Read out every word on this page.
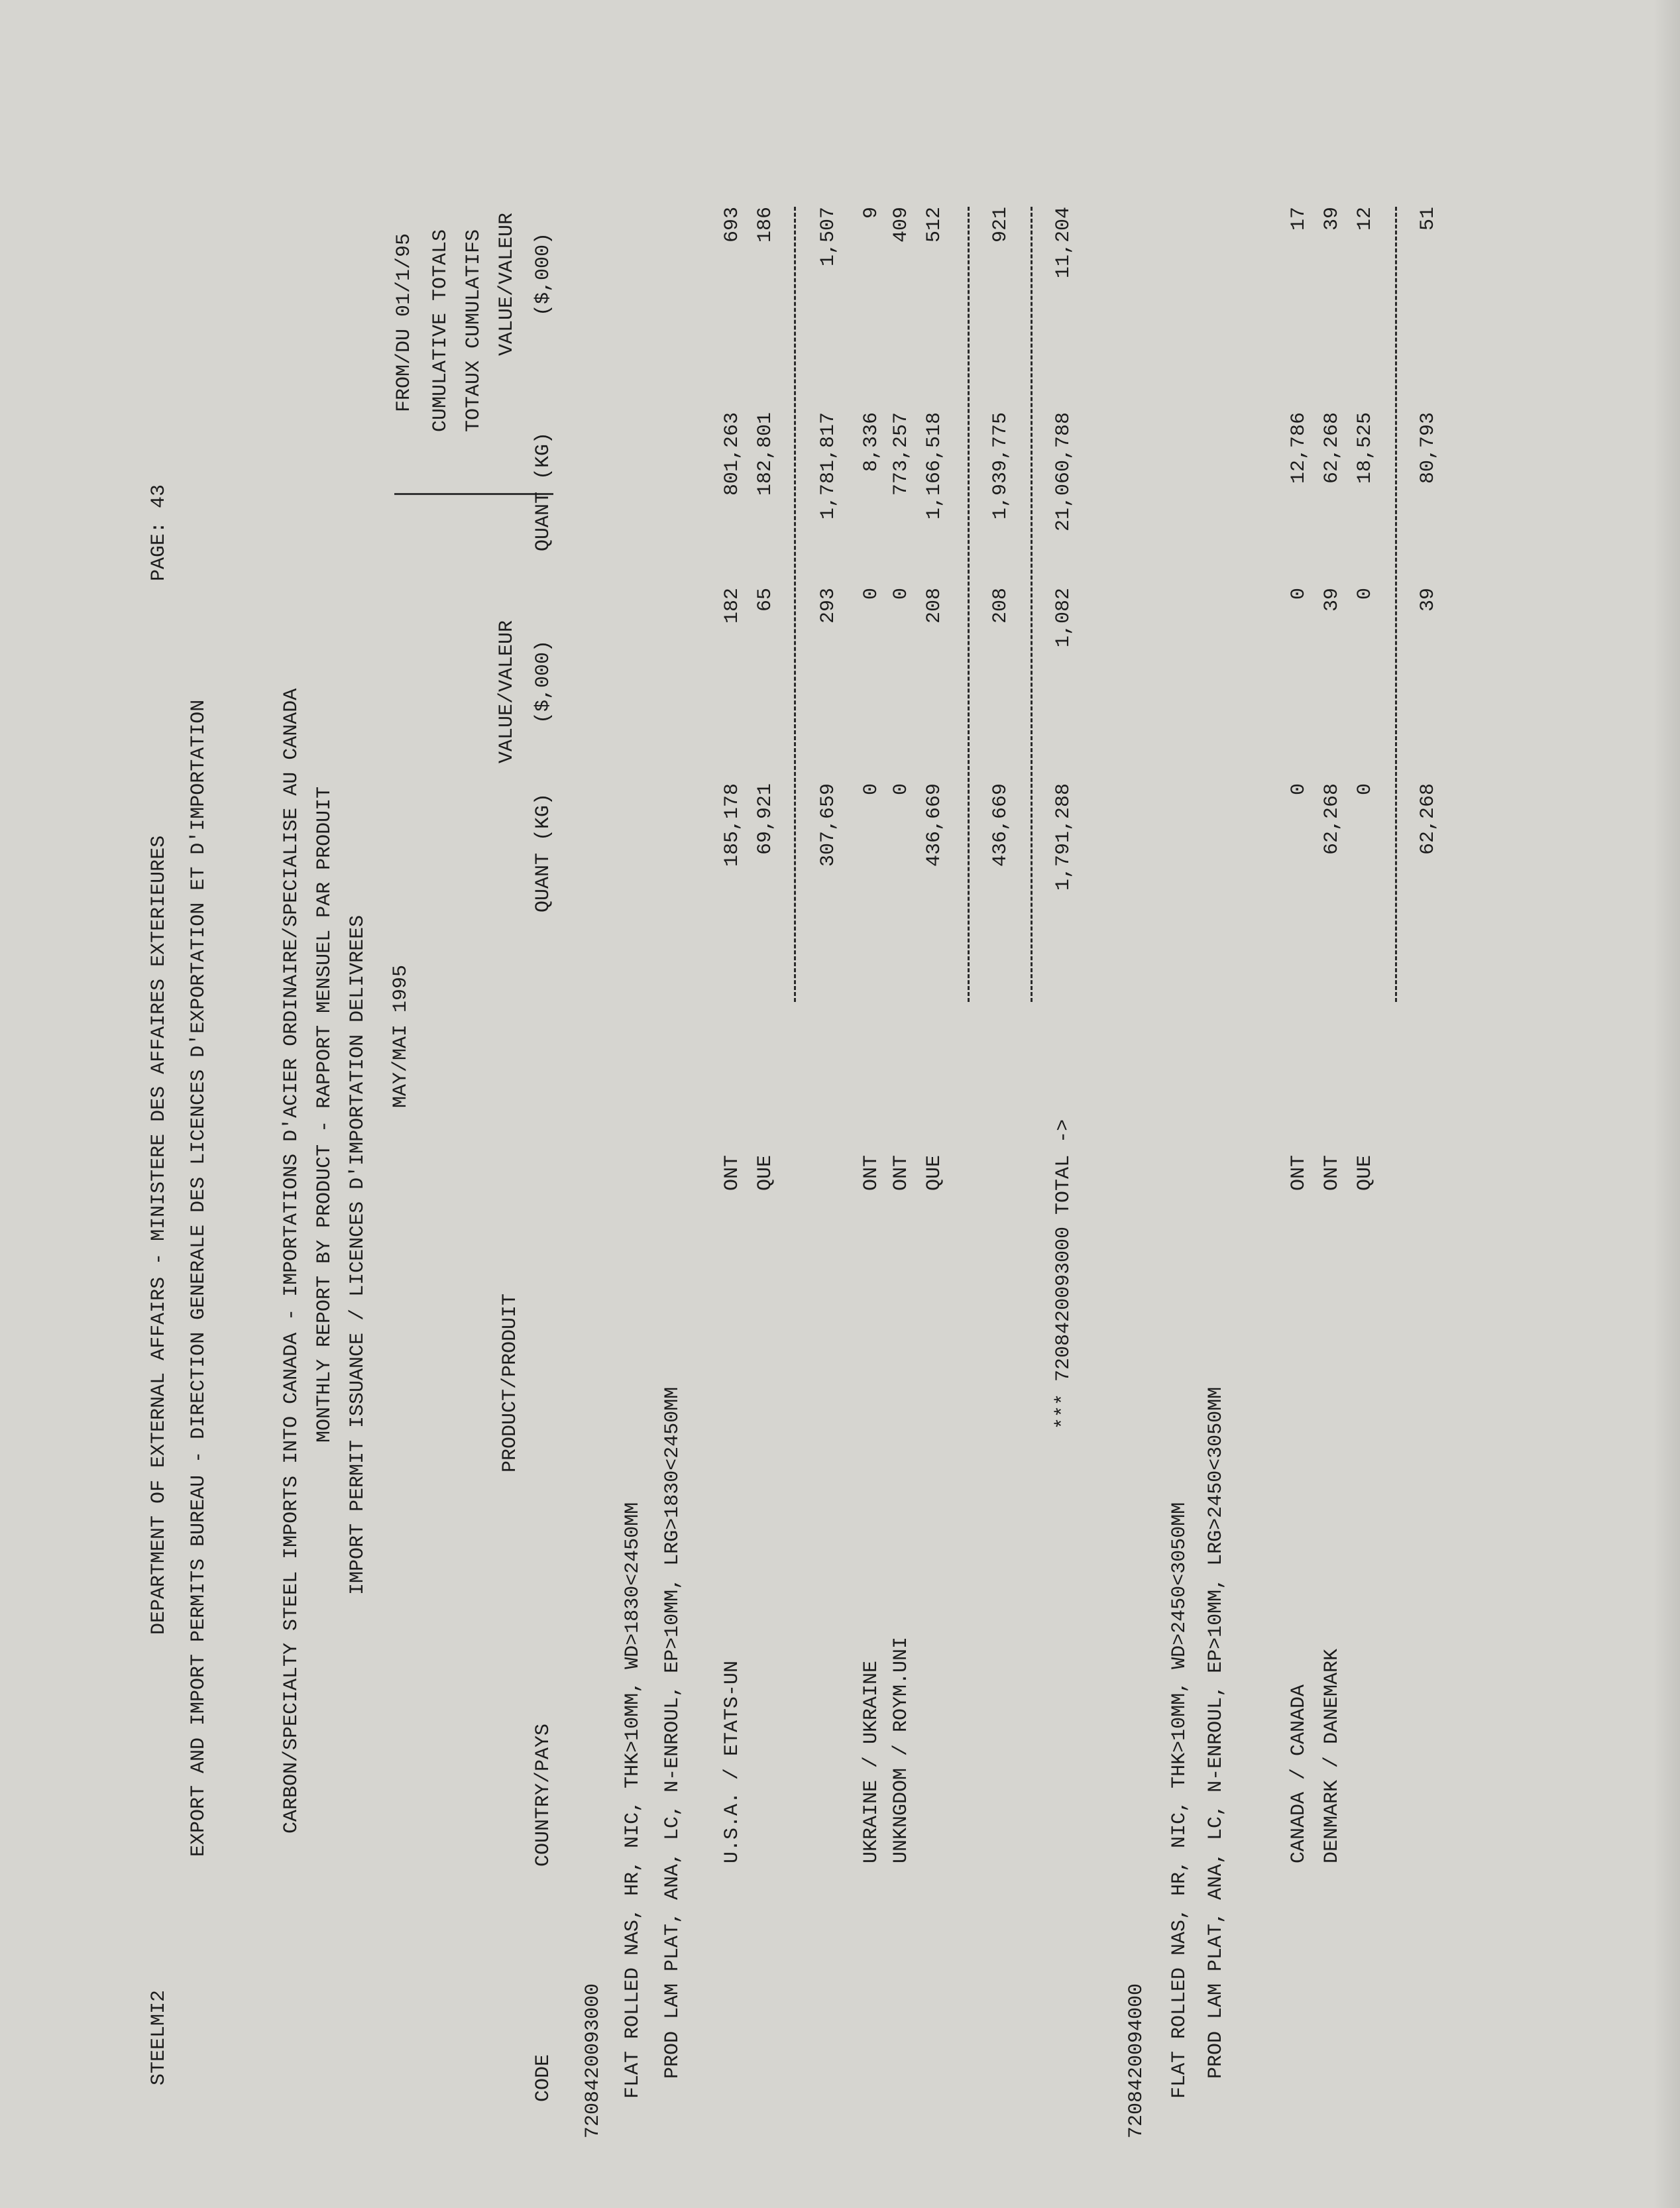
STEELMI2
DEPARTMENT OF EXTERNAL AFFAIRS - MINISTERE DES AFFAIRES EXTERIEURES
PAGE:
43
EXPORT AND IMPORT PERMITS BUREAU - DIRECTION GENERALE DES LICENCES D'EXPORTATION ET D'IMPORTATION	CARBON/SPECIALTY STEEL IMPORTS INTO CANADA - IMPORTATIONS D'ACIER ORDINAIRE/SPECIALISE AU CANADA MONTHLY REPORT BY PRODUCT - RAPPORT MENSUEL PAR PRODUIT IMPORT PERMIT ISSUANCE / LICENCES D'IMPORTATION DELIVREES MAY/MAI 1995
FROM/DU 01/1/95 CUMULATIVE TOTALS TOTAUX CUMULATIFS VALUE/VALEUR
VALUE/VALEUR
PRODUCT/PRODUIT
CODE
COUNTRY/PAYS
QUANT (KG)
($,000)
QUANT (KG)
($,000)
7208420093000 FLAT ROLLED NAS, HR, NIC, THK>10MM, WD>1830<2450MM PROD LAM PLAT, ANA, LC, N-ENROUL, EP>10MM, LRG>1830<2450MM U.S.A. / ETATS-UN
ONT
185,178
182
801,263
693
QUE
69,921
65
182,801
186
307,659
293
1,781,817
1,507
UKRAINE / UKRAINE
ONT
0
0
8,336
9
UNKNGDOM / ROYM.UNI
ONT
0
0
773,257
409
QUE
436,669
208
1,166,518
512
436,669
208
1,939,775
921
*** 7208420093000 TOTAL ->
1,791,288
1,082
21,060,788
11,204
7208420094000 FLAT ROLLED NAS, HR, NIC, THK>10MM, WD>2450<3050MM PROD LAM PLAT, ANA, LC, N-ENROUL, EP>10MM, LRG>2450<3050MM	CANADA / CANADA
ONT
0
0
12,786
17
DENMARK / DANEMARK
ONT
62,268
39
62,268
39
QUE
0
0
18,525
12
62,268
39
80,793
51
